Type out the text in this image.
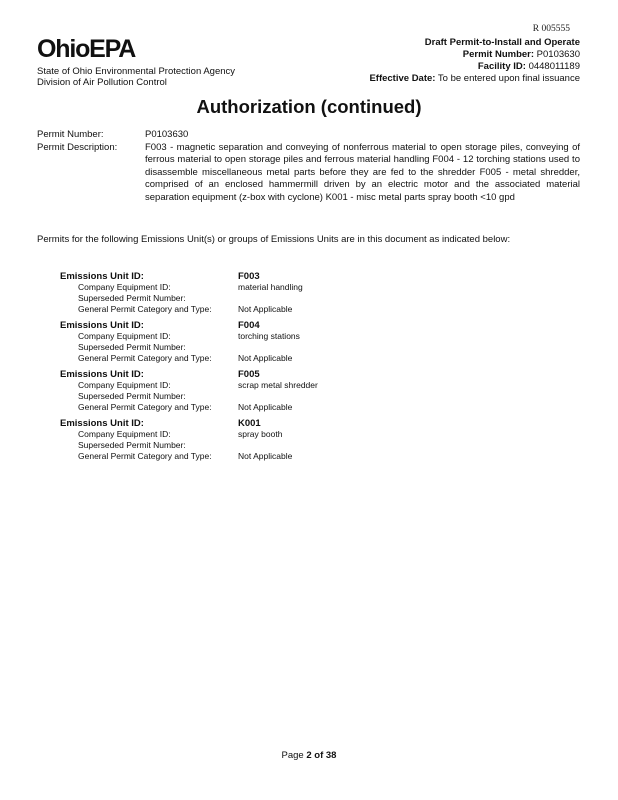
OhioEPA
State of Ohio Environmental Protection Agency
Division of Air Pollution Control
R 005555
Draft Permit-to-Install and Operate
Permit Number: P0103630
Facility ID: 0448011189
Effective Date: To be entered upon final issuance
Authorization (continued)
Permit Number:	P0103630
Permit Description:	F003 - magnetic separation and conveying of nonferrous material to open storage piles, conveying of ferrous material to open storage piles and ferrous material handling F004 - 12 torching stations used to disassemble miscellaneous metal parts before they are fed to the shredder F005 - metal shredder, comprised of an enclosed hammermill driven by an electric motor and the associated material separation equipment (z-box with cyclone) K001 - misc metal parts spray booth <10 gpd
Permits for the following Emissions Unit(s) or groups of Emissions Units are in this document as indicated below:
Emissions Unit ID:	F003
Company Equipment ID:	material handling
Superseded Permit Number:
General Permit Category and Type:	Not Applicable
Emissions Unit ID:	F004
Company Equipment ID:	torching stations
Superseded Permit Number:
General Permit Category and Type:	Not Applicable
Emissions Unit ID:	F005
Company Equipment ID:	scrap metal shredder
Superseded Permit Number:
General Permit Category and Type:	Not Applicable
Emissions Unit ID:	K001
Company Equipment ID:	spray booth
Superseded Permit Number:
General Permit Category and Type:	Not Applicable
Page 2 of 38
